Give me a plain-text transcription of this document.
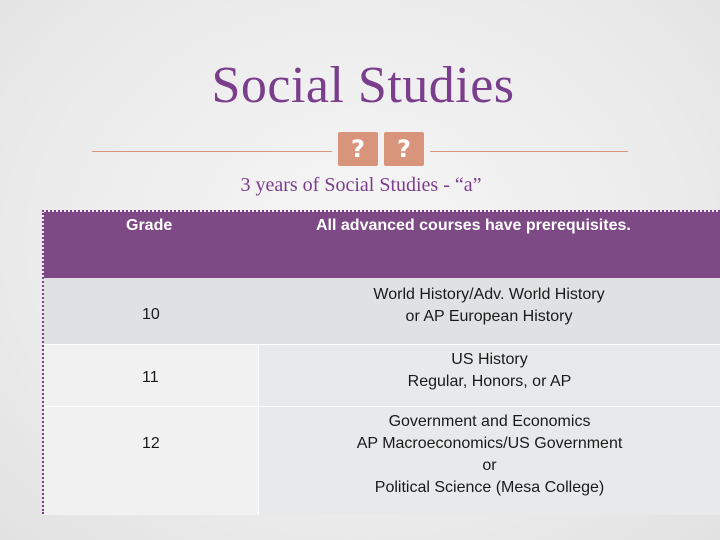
Social Studies
?	?
3 years of Social Studies - “a”
Grade	All advanced courses have prerequisites.
10
World History/Adv. World History
or AP European History
11
US History
Regular, Honors, or AP
12
Government and Economics
AP Macroeconomics/US Government
or
Political Science (Mesa College)
